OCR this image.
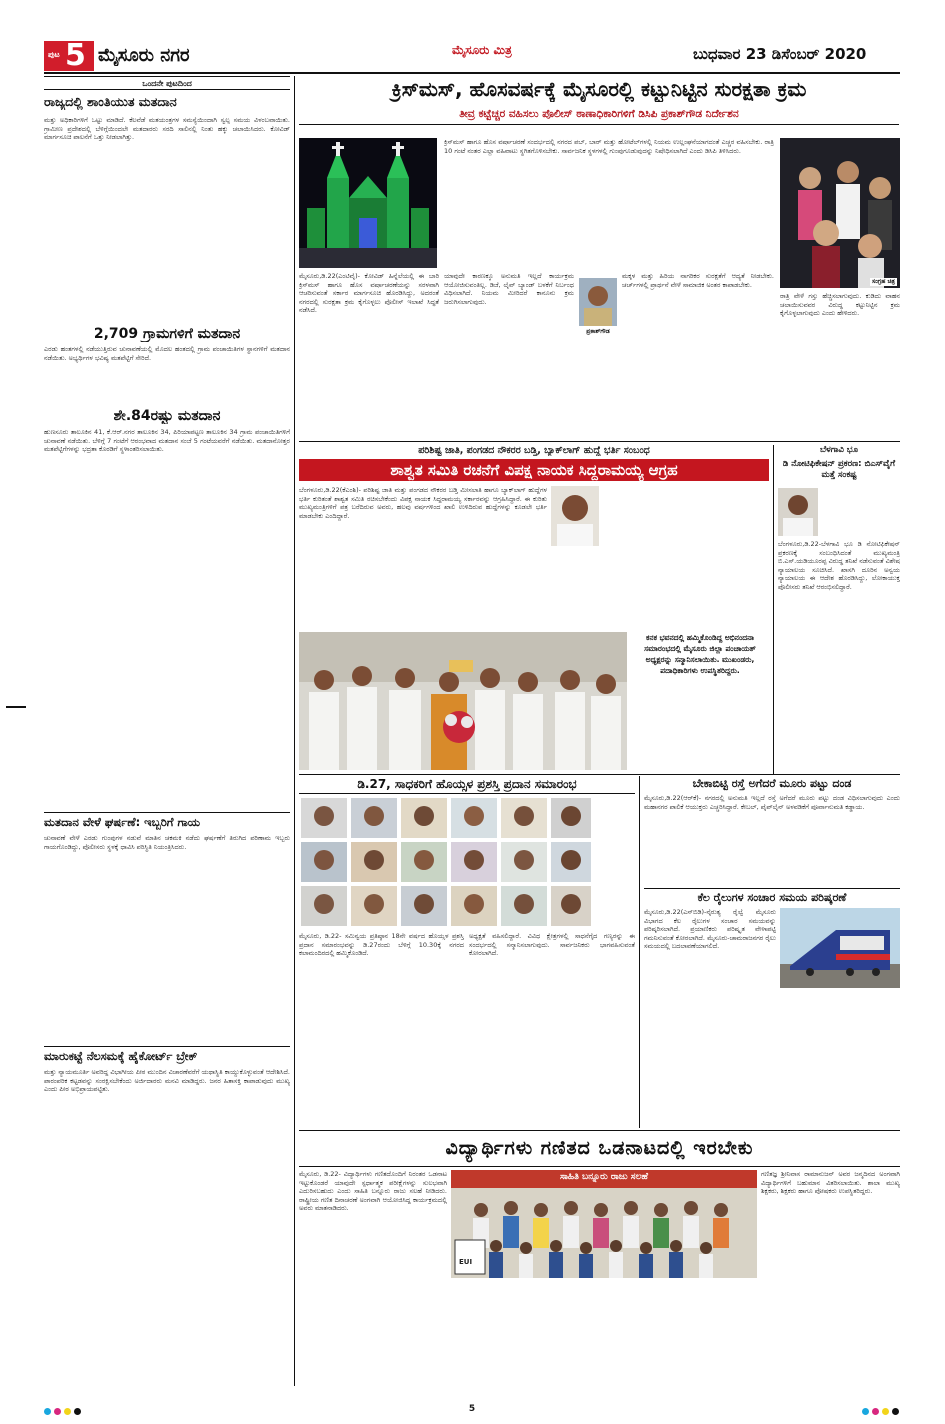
ಪುಟ 5 ಮೈಸೂರು ನಗರ	ಮೈಸೂರು ಮಿತ್ರ	ಬುಧವಾರ 23 ಡಿಸೆಂಬರ್ 2020
ಒಂದನೇ ಪುಟದಿಂದ
ರಾಜ್ಯದಲ್ಲಿ ಶಾಂತಿಯುತ ಮತದಾನ
ಮತ್ತು ಅಧಿಕಾರಿಗಳಿಗೆ ಒಟ್ಟು ಮಾಡಿದೆ. ಕೆಲವೆಡೆ ಮತಯಂತ್ರಗಳ ಸಮಸ್ಯೆಯಿಂದಾಗಿ ಸ್ವಲ್ಪ ಸಮಯ ವಿಳಂಬವಾಯಿತು. ಗ್ರಾಮೀಣ ಪ್ರದೇಶದಲ್ಲಿ ಬೆಳಿಗ್ಗೆಯಿಂದಲೇ ಮತದಾರರು ಸರದಿ ಸಾಲಿನಲ್ಲಿ ನಿಂತು ಹಕ್ಕು ಚಲಾಯಿಸಿದರು. ಕೋವಿಡ್ ಮಾರ್ಗಸೂಚಿ ಪಾಲನೆಗೆ ಒತ್ತು ನೀಡಲಾಗಿತ್ತು.
2,709 ಗ್ರಾಮಗಳಿಗೆ ಮತದಾನ
ಎರಡು ಹಂತಗಳಲ್ಲಿ ನಡೆಯುತ್ತಿರುವ ಚುನಾವಣೆಯಲ್ಲಿ ಮೊದಲ ಹಂತದಲ್ಲಿ ಗ್ರಾಮ ಪಂಚಾಯಿತಿಗಳ ಸ್ಥಾನಗಳಿಗೆ ಮತದಾನ ನಡೆಯಿತು. ಅಭ್ಯರ್ಥಿಗಳ ಭವಿಷ್ಯ ಮತಪೆಟ್ಟಿಗೆ ಸೇರಿದೆ.
ಶೇ.84ರಷ್ಟು ಮತದಾನ
ಹುಣಸೂರು ತಾಲೂಕಿನ 41, ಕೆ.ಆರ್.ನಗರ ತಾಲೂಕಿನ 34, ಪಿರಿಯಾಪಟ್ಟಣ ತಾಲೂಕಿನ 34 ಗ್ರಾಮ ಪಂಚಾಯಿತಿಗಳಿಗೆ ಚುನಾವಣೆ ನಡೆಯಿತು. ಬೆಳಿಗ್ಗೆ 7 ಗಂಟೆಗೆ ಆರಂಭವಾದ ಮತದಾನ ಸಂಜೆ 5 ಗಂಟೆಯವರೆಗೆ ನಡೆಯಿತು. ಮತದಾನೋತ್ತರ ಮತಪೆಟ್ಟಿಗೆಗಳನ್ನು ಭದ್ರತಾ ಕೊಠಡಿಗೆ ಸ್ಥಳಾಂತರಿಸಲಾಯಿತು.
ಮತದಾನ ವೇಳೆ ಘರ್ಷಣೆ: ಇಬ್ಬರಿಗೆ ಗಾಯ
ಚುನಾವಣೆ ವೇಳೆ ಎರಡು ಗುಂಪುಗಳ ನಡುವೆ ಮಾತಿನ ಚಕಮಕಿ ನಡೆದು ಘರ್ಷಣೆಗೆ ತಿರುಗಿದ ಪರಿಣಾಮ ಇಬ್ಬರು ಗಾಯಗೊಂಡಿದ್ದು, ಪೊಲೀಸರು ಸ್ಥಳಕ್ಕೆ ಧಾವಿಸಿ ಪರಿಸ್ಥಿತಿ ನಿಯಂತ್ರಿಸಿದರು.
ಮಾರುಕಟ್ಟೆ ನೆಲಸಮಕ್ಕೆ ಹೈಕೋರ್ಟ್ ಬ್ರೇಕ್
ಮತ್ತು ನ್ಯಾಯಮೂರ್ತಿ ಅವರಿದ್ದ ವಿಭಾಗೀಯ ಪೀಠ ಮುಂದಿನ ವಿಚಾರಣೆವರೆಗೆ ಯಥಾಸ್ಥಿತಿ ಕಾಯ್ದುಕೊಳ್ಳುವಂತೆ ಆದೇಶಿಸಿದೆ. ಪಾರಂಪರಿಕ ಕಟ್ಟಡವನ್ನು ಸಂರಕ್ಷಿಸಬೇಕೆಂದು ಅರ್ಜಿದಾರರು ಮನವಿ ಮಾಡಿದ್ದರು. ಜನರ ಹಿತಾಸಕ್ತಿ ಕಾಪಾಡುವುದು ಮುಖ್ಯ ಎಂದು ಪೀಠ ಅಭಿಪ್ರಾಯಪಟ್ಟಿತು.
ಕ್ರಿಸ್‌ಮಸ್, ಹೊಸವರ್ಷಕ್ಕೆ ಮೈಸೂರಲ್ಲಿ ಕಟ್ಟುನಿಟ್ಟಿನ ಸುರಕ್ಷತಾ ಕ್ರಮ
ತೀವ್ರ ಕಟ್ಟೆಚ್ಚರ ವಹಿಸಲು ಪೊಲೀಸ್ ಠಾಣಾಧಿಕಾರಿಗಳಿಗೆ ಡಿಸಿಪಿ ಪ್ರಕಾಶ್‌ಗೌಡ ನಿರ್ದೇಶನ
ಕ್ರಿಸ್‌ಮಸ್ ಹಾಗೂ ಹೊಸ ವರ್ಷಾಚರಣೆ ಸಂದರ್ಭದಲ್ಲಿ ನಗರದ ಪಬ್, ಬಾರ್ ಮತ್ತು ಹೋಟೆಲ್‌ಗಳಲ್ಲಿ ನಿಯಮ ಉಲ್ಲಂಘನೆಯಾಗದಂತೆ ಎಚ್ಚರ ವಹಿಸಬೇಕು. ರಾತ್ರಿ 10 ಗಂಟೆ ನಂತರ ಎಲ್ಲಾ ವಹಿವಾಟು ಸ್ಥಗಿತಗೊಳಿಸಬೇಕು. ಸಾರ್ವಜನಿಕ ಸ್ಥಳಗಳಲ್ಲಿ ಗುಂಪುಗೂಡುವುದನ್ನು ನಿಷೇಧಿಸಲಾಗಿದೆ ಎಂದು ಡಿಸಿಪಿ ತಿಳಿಸಿದರು.
ಸಂಗ್ರಹ ಚಿತ್ರ
ಮೈಸೂರು,ಡಿ.22(ಎಂಟಿವೈ)- ಕೋವಿಡ್ ಹಿನ್ನೆಲೆಯಲ್ಲಿ ಈ ಬಾರಿ ಕ್ರಿಸ್‌ಮಸ್ ಹಾಗೂ ಹೊಸ ವರ್ಷಾಚರಣೆಯನ್ನು ಸರಳವಾಗಿ ಆಚರಿಸುವಂತೆ ಸರ್ಕಾರ ಮಾರ್ಗಸೂಚಿ ಹೊರಡಿಸಿದ್ದು, ಅದರಂತೆ ನಗರದಲ್ಲಿ ಸುರಕ್ಷತಾ ಕ್ರಮ ಕೈಗೊಳ್ಳಲು ಪೊಲೀಸ್ ಇಲಾಖೆ ಸಿದ್ಧತೆ ನಡೆಸಿದೆ.
ಯಾವುದೇ ಕಾರಣಕ್ಕೂ ಅನುಮತಿ ಇಲ್ಲದೆ ಕಾರ್ಯಕ್ರಮ ಆಯೋಜಿಸುವಂತಿಲ್ಲ. ಡಿಜೆ, ಲೈವ್ ಬ್ಯಾಂಡ್ ಬಳಕೆಗೆ ನಿರ್ಬಂಧ ವಿಧಿಸಲಾಗಿದೆ. ನಿಯಮ ಮೀರಿದರೆ ಕಾನೂನು ಕ್ರಮ ಜರುಗಿಸಲಾಗುವುದು.
ಪ್ರಕಾಶ್‌ಗೌಡ
ಮಕ್ಕಳ ಮತ್ತು ಹಿರಿಯ ನಾಗರಿಕರ ಸುರಕ್ಷತೆಗೆ ಆದ್ಯತೆ ನೀಡಬೇಕು. ಚರ್ಚ್‌ಗಳಲ್ಲಿ ಪ್ರಾರ್ಥನೆ ವೇಳೆ ಸಾಮಾಜಿಕ ಅಂತರ ಕಾಪಾಡಬೇಕು.
ರಾತ್ರಿ ವೇಳೆ ಗಸ್ತು ಹೆಚ್ಚಿಸಲಾಗುವುದು. ಕುಡಿದು ವಾಹನ ಚಲಾಯಿಸುವವರ ವಿರುದ್ಧ ಕಟ್ಟುನಿಟ್ಟಿನ ಕ್ರಮ ಕೈಗೊಳ್ಳಲಾಗುವುದು ಎಂದು ಹೇಳಿದರು.
ಪರಿಶಿಷ್ಟ ಜಾತಿ, ಪಂಗಡದ ನೌಕರರ ಬಡ್ತಿ, ಬ್ಯಾಕ್‌ಲಾಗ್ ಹುದ್ದೆ ಭರ್ತಿ ಸಂಬಂಧ
ಶಾಶ್ವತ ಸಮಿತಿ ರಚನೆಗೆ ವಿಪಕ್ಷ ನಾಯಕ ಸಿದ್ದರಾಮಯ್ಯ ಆಗ್ರಹ
ಬೆಂಗಳೂರು,ಡಿ.22(ಕೆಎಂಶಿ)- ಪರಿಶಿಷ್ಟ ಜಾತಿ ಮತ್ತು ಪಂಗಡದ ನೌಕರರ ಬಡ್ತಿ ಮೀಸಲಾತಿ ಹಾಗೂ ಬ್ಯಾಕ್‌ಲಾಗ್ ಹುದ್ದೆಗಳ ಭರ್ತಿ ಕುರಿತಂತೆ ಶಾಶ್ವತ ಸಮಿತಿ ರಚಿಸಬೇಕೆಂದು ವಿಪಕ್ಷ ನಾಯಕ ಸಿದ್ದರಾಮಯ್ಯ ಸರ್ಕಾರವನ್ನು ಆಗ್ರಹಿಸಿದ್ದಾರೆ. ಈ ಕುರಿತು ಮುಖ್ಯಮಂತ್ರಿಗಳಿಗೆ ಪತ್ರ ಬರೆದಿರುವ ಅವರು, ಹಲವು ವರ್ಷಗಳಿಂದ ಖಾಲಿ ಉಳಿದಿರುವ ಹುದ್ದೆಗಳನ್ನು ಕೂಡಲೇ ಭರ್ತಿ ಮಾಡಬೇಕು ಎಂದಿದ್ದಾರೆ.
ಬೆಳಗಾವಿ ಭೂ
ಡಿ ನೋಟಿಫಿಕೇಷನ್ ಪ್ರಕರಣ: ಬಿಎಸ್‌ವೈಗೆ ಮತ್ತೆ ಸಂಕಷ್ಟ
ಬೆಂಗಳೂರು,ಡಿ.22-ಬೆಳಗಾವಿ ಭೂ ಡಿ ನೋಟಿಫಿಕೇಷನ್ ಪ್ರಕರಣಕ್ಕೆ ಸಂಬಂಧಿಸಿದಂತೆ ಮುಖ್ಯಮಂತ್ರಿ ಬಿ.ಎಸ್.ಯಡಿಯೂರಪ್ಪ ವಿರುದ್ಧ ತನಿಖೆ ನಡೆಸುವಂತೆ ವಿಶೇಷ ನ್ಯಾಯಾಲಯ ಸೂಚಿಸಿದೆ. ಖಾಸಗಿ ದೂರಿನ ಅನ್ವಯ ನ್ಯಾಯಾಲಯ ಈ ಆದೇಶ ಹೊರಡಿಸಿದ್ದು, ಲೋಕಾಯುಕ್ತ ಪೊಲೀಸರು ತನಿಖೆ ಆರಂಭಿಸಲಿದ್ದಾರೆ.
ಕನಕ ಭವನದಲ್ಲಿ ಹಮ್ಮಿಕೊಂಡಿದ್ದ ಅಭಿನಂದನಾ ಸಮಾರಂಭದಲ್ಲಿ ಮೈಸೂರು ಜಿಲ್ಲಾ ಪಂಚಾಯತ್ ಅಧ್ಯಕ್ಷರನ್ನು ಸನ್ಮಾನಿಸಲಾಯಿತು. ಮುಖಂಡರು, ಪದಾಧಿಕಾರಿಗಳು ಉಪಸ್ಥಿತರಿದ್ದರು.
ಡಿ.27, ಸಾಧಕರಿಗೆ ಹೊಯ್ಸಳ ಪ್ರಶಸ್ತಿ ಪ್ರದಾನ ಸಮಾರಂಭ
ಮೈಸೂರು, ಡಿ.22- ಸಮಿನ್ವಯ ಪ್ರತಿಷ್ಠಾನ 18ನೇ ವರ್ಷದ ಹೊಯ್ಸಳ ಪ್ರಶಸ್ತಿ ಪ್ರದಾನ ಸಮಾರಂಭವನ್ನು ಡಿ.27ರಂದು ಬೆಳಿಗ್ಗೆ 10.30ಕ್ಕೆ ನಗರದ ಕಲಾಮಂದಿರದಲ್ಲಿ ಹಮ್ಮಿಕೊಂಡಿದೆ.
ಅಧ್ಯಕ್ಷತೆ ವಹಿಸಲಿದ್ದಾರೆ. ವಿವಿಧ ಕ್ಷೇತ್ರಗಳಲ್ಲಿ ಸಾಧನೆಗೈದ ಗಣ್ಯರನ್ನು ಈ ಸಂದರ್ಭದಲ್ಲಿ ಸನ್ಮಾನಿಸಲಾಗುವುದು. ಸಾರ್ವಜನಿಕರು ಭಾಗವಹಿಸುವಂತೆ ಕೋರಲಾಗಿದೆ.
ಬೇಕಾಬಿಟ್ಟಿ ರಸ್ತೆ ಅಗೆದರೆ ಮೂರು ಪಟ್ಟು ದಂಡ
ಮೈಸೂರು,ಡಿ.22(ಆರ್‌ಕೆ)- ನಗರದಲ್ಲಿ ಅನುಮತಿ ಇಲ್ಲದೆ ರಸ್ತೆ ಅಗೆದರೆ ಮೂರು ಪಟ್ಟು ದಂಡ ವಿಧಿಸಲಾಗುವುದು ಎಂದು ಮಹಾನಗರ ಪಾಲಿಕೆ ಆಯುಕ್ತರು ಎಚ್ಚರಿಸಿದ್ದಾರೆ. ಕೇಬಲ್, ಪೈಪ್‌ಲೈನ್ ಅಳವಡಿಕೆಗೆ ಪೂರ್ವಾನುಮತಿ ಕಡ್ಡಾಯ.
ಕೆಲ ರೈಲುಗಳ ಸಂಚಾರ ಸಮಯ ಪರಿಷ್ಕರಣೆ
ಮೈಸೂರು,ಡಿ.22(ಎಸ್‌ಬಿಡಿ)-ನೈರುತ್ಯ ರೈಲ್ವೆ ಮೈಸೂರು ವಿಭಾಗದ ಕೆಲ ರೈಲುಗಳ ಸಂಚಾರ ಸಮಯವನ್ನು ಪರಿಷ್ಕರಿಸಲಾಗಿದೆ. ಪ್ರಯಾಣಿಕರು ಪರಿಷ್ಕೃತ ವೇಳಾಪಟ್ಟಿ ಗಮನಿಸುವಂತೆ ಕೋರಲಾಗಿದೆ. ಮೈಸೂರು-ಚಾಮರಾಜನಗರ ರೈಲು ಸಮಯದಲ್ಲಿ ಬದಲಾವಣೆಯಾಗಲಿದೆ.
ವಿದ್ಯಾರ್ಥಿಗಳು ಗಣಿತದ ಒಡನಾಟದಲ್ಲಿ ಇರಬೇಕು
ಮೈಸೂರು, ಡಿ.22- ವಿದ್ಯಾರ್ಥಿಗಳು ಗಣಿತದೊಂದಿಗೆ ನಿರಂತರ ಒಡನಾಟ ಇಟ್ಟುಕೊಂಡರೆ ಯಾವುದೇ ಸ್ಪರ್ಧಾತ್ಮಕ ಪರೀಕ್ಷೆಗಳನ್ನು ಸುಲಭವಾಗಿ ಎದುರಿಸಬಹುದು ಎಂದು ಸಾಹಿತಿ ಬನ್ನೂರು ರಾಜು ಸಲಹೆ ನೀಡಿದರು. ರಾಷ್ಟ್ರೀಯ ಗಣಿತ ದಿನಾಚರಣೆ ಅಂಗವಾಗಿ ಆಯೋಜಿಸಿದ್ದ ಕಾರ್ಯಕ್ರಮದಲ್ಲಿ ಅವರು ಮಾತನಾಡಿದರು.
ಸಾಹಿತಿ ಬನ್ನೂರು ರಾಜು ಸಲಹೆ
EUI
ಗಣಿತಜ್ಞ ಶ್ರೀನಿವಾಸ ರಾಮಾನುಜನ್ ಅವರ ಜನ್ಮದಿನದ ಅಂಗವಾಗಿ ವಿದ್ಯಾರ್ಥಿಗಳಿಗೆ ಬಹುಮಾನ ವಿತರಿಸಲಾಯಿತು. ಶಾಲಾ ಮುಖ್ಯ ಶಿಕ್ಷಕರು, ಶಿಕ್ಷಕರು ಹಾಗೂ ಪೋಷಕರು ಉಪಸ್ಥಿತರಿದ್ದರು.
5
